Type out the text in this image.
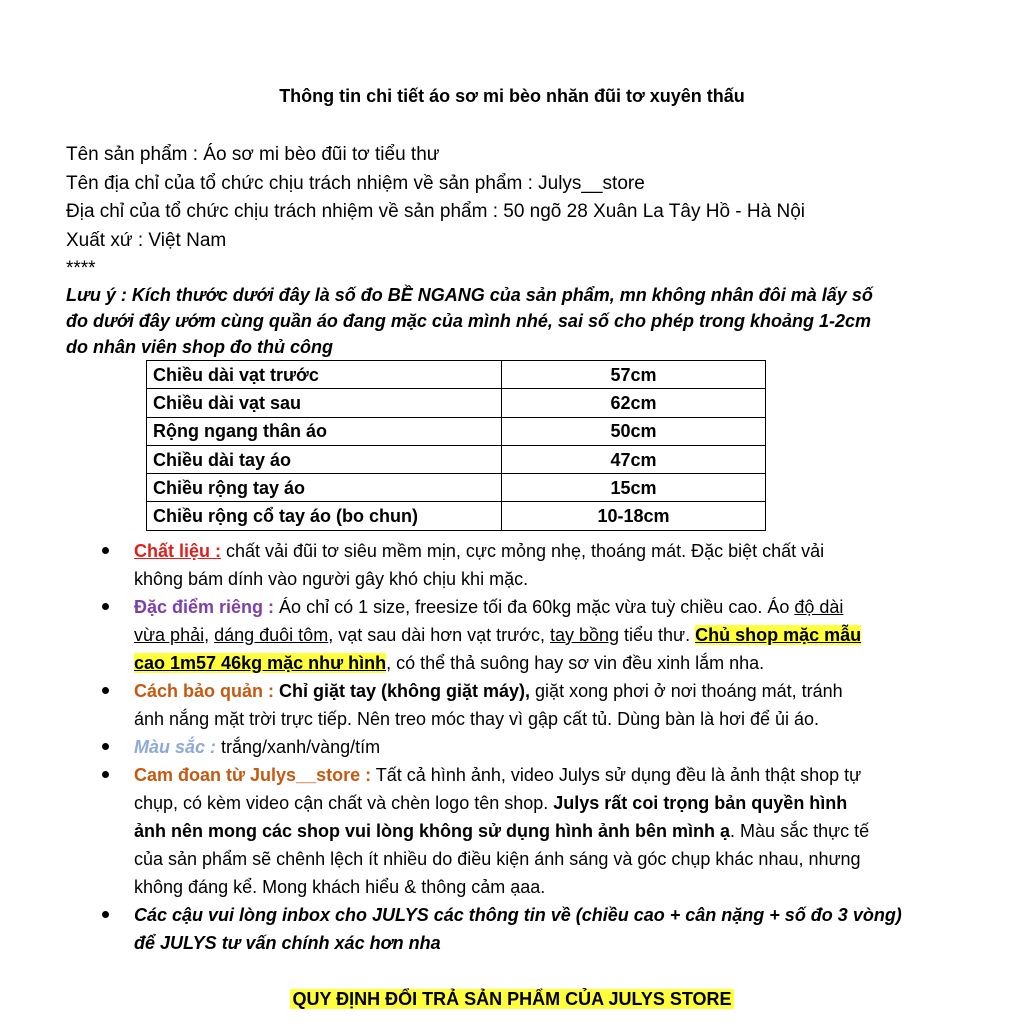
Thông tin chi tiết áo sơ mi bèo nhăn đũi tơ xuyên thấu
Tên sản phẩm : Áo sơ mi bèo đũi tơ tiểu thư
Tên địa chỉ của tổ chức chịu trách nhiệm về sản phẩm : Julys__store
Địa chỉ của tổ chức chịu trách nhiệm về sản phẩm : 50 ngõ 28 Xuân La Tây Hồ - Hà Nội
Xuất xứ : Việt Nam
****
Lưu ý : Kích thước dưới đây là số đo BỀ NGANG của sản phẩm, mn không nhân đôi mà lấy số
đo dưới đây ướm cùng quần áo đang mặc của mình nhé, sai số cho phép trong khoảng 1-2cm
do nhân viên shop đo thủ công
Chiều dài vạt trước	57cm
Chiều dài vạt sau	62cm
Rộng ngang thân áo	50cm
Chiều dài tay áo	47cm
Chiều rộng tay áo	15cm
Chiều rộng cổ tay áo (bo chun)	10-18cm
Chất liệu : chất vải đũi tơ siêu mềm mịn, cực mỏng nhẹ, thoáng mát. Đặc biệt chất vải
không bám dính vào người gây khó chịu khi mặc.
Đặc điểm riêng : Áo chỉ có 1 size, freesize tối đa 60kg mặc vừa tuỳ chiều cao. Áo độ dài
vừa phải, dáng đuôi tôm, vạt sau dài hơn vạt trước, tay bồng tiểu thư. Chủ shop mặc mẫu
cao 1m57 46kg mặc như hình, có thể thả suông hay sơ vin đều xinh lắm nha.
Cách bảo quản : Chỉ giặt tay (không giặt máy), giặt xong phơi ở nơi thoáng mát, tránh
ánh nắng mặt trời trực tiếp. Nên treo móc thay vì gập cất tủ. Dùng bàn là hơi để ủi áo.
Màu sắc : trắng/xanh/vàng/tím
Cam đoan từ Julys__store : Tất cả hình ảnh, video Julys sử dụng đều là ảnh thật shop tự
chụp, có kèm video cận chất và chèn logo tên shop. Julys rất coi trọng bản quyền hình
ảnh nên mong các shop vui lòng không sử dụng hình ảnh bên mình ạ. Màu sắc thực tế
của sản phẩm sẽ chênh lệch ít nhiều do điều kiện ánh sáng và góc chụp khác nhau, nhưng
không đáng kể. Mong khách hiểu & thông cảm ạaa.
Các cậu vui lòng inbox cho JULYS các thông tin về (chiều cao + cân nặng + số đo 3 vòng)
để JULYS tư vấn chính xác hơn nha
QUY ĐỊNH ĐỔI TRẢ SẢN PHẨM CỦA JULYS STORE
